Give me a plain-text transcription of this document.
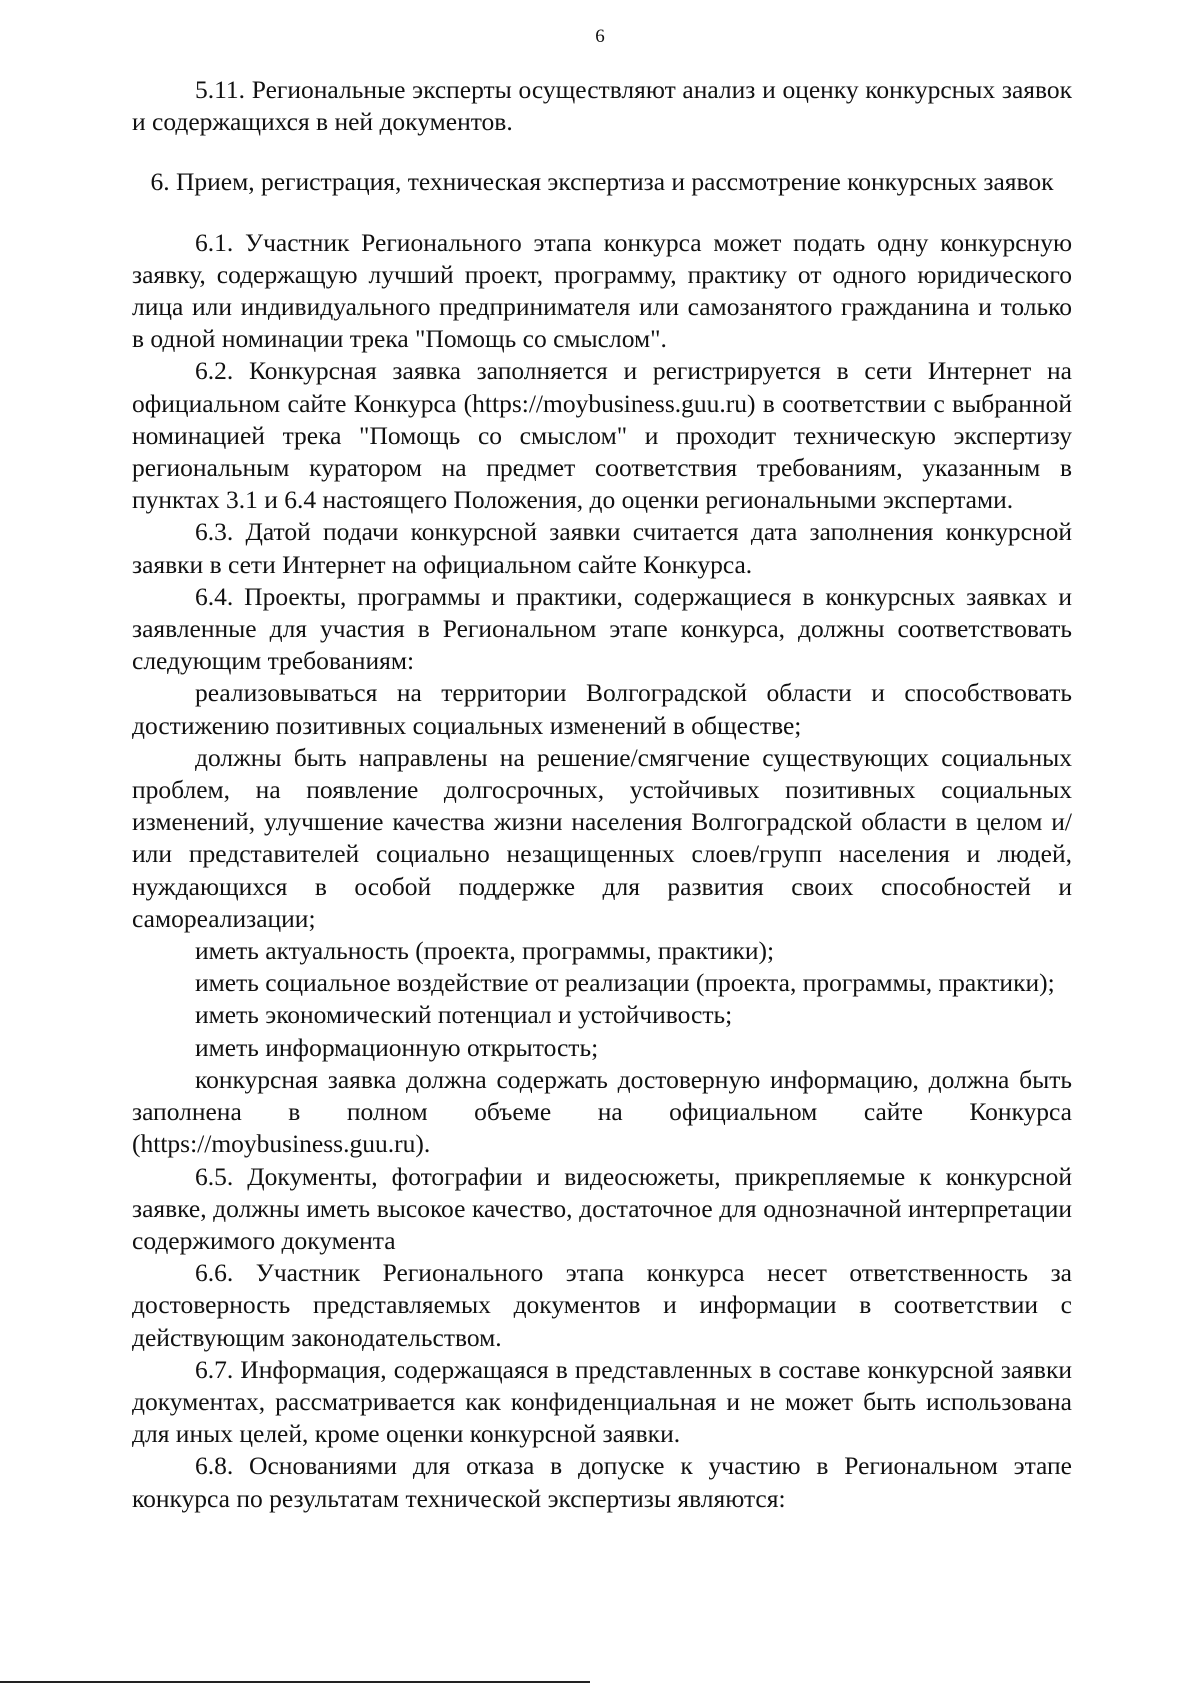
6

5.11. Региональные эксперты осуществляют анализ и оценку конкурсных заявок и содержащихся в ней документов.

6. Прием, регистрация, техническая экспертиза и рассмотрение конкурсных заявок

6.1. Участник Регионального этапа конкурса может подать одну конкурсную заявку, содержащую лучший проект, программу, практику от одного юридического лица или индивидуального предпринимателя или самозанятого гражданина и только в одной номинации трека "Помощь со смыслом".

6.2. Конкурсная заявка заполняется и регистрируется в сети Интернет на официальном сайте Конкурса (https://moybusiness.guu.ru) в соответствии с выбранной номинацией трека "Помощь со смыслом" и проходит техническую экспертизу региональным куратором на предмет соответствия требованиям, указанным в пунктах 3.1 и 6.4 настоящего Положения, до оценки региональными экспертами.

6.3. Датой подачи конкурсной заявки считается дата заполнения конкурсной заявки в сети Интернет на официальном сайте Конкурса.

6.4. Проекты, программы и практики, содержащиеся в конкурсных заявках и заявленные для участия в Региональном этапе конкурса, должны соответствовать следующим требованиям:

реализовываться на территории Волгоградской области и способствовать достижению позитивных социальных изменений в обществе;

должны быть направлены на решение/смягчение существующих социальных проблем, на появление долгосрочных, устойчивых позитивных социальных изменений, улучшение качества жизни населения Волгоградской области в целом и/или представителей социально незащищенных слоев/групп населения и людей, нуждающихся в особой поддержке для развития своих способностей и самореализации;

иметь актуальность (проекта, программы, практики);

иметь социальное воздействие от реализации (проекта, программы, практики);

иметь экономический потенциал и устойчивость;

иметь информационную открытость;

конкурсная заявка должна содержать достоверную информацию, должна быть заполнена в полном объеме на официальном сайте Конкурса (https://moybusiness.guu.ru).

6.5. Документы, фотографии и видеосюжеты, прикрепляемые к конкурсной заявке, должны иметь высокое качество, достаточное для однозначной интерпретации содержимого документа

6.6. Участник Регионального этапа конкурса несет ответственность за достоверность представляемых документов и информации в соответствии с действующим законодательством.

6.7. Информация, содержащаяся в представленных в составе конкурсной заявки документах, рассматривается как конфиденциальная и не может быть использована для иных целей, кроме оценки конкурсной заявки.

6.8. Основаниями для отказа в допуске к участию в Региональном этапе конкурса по результатам технической экспертизы являются:
